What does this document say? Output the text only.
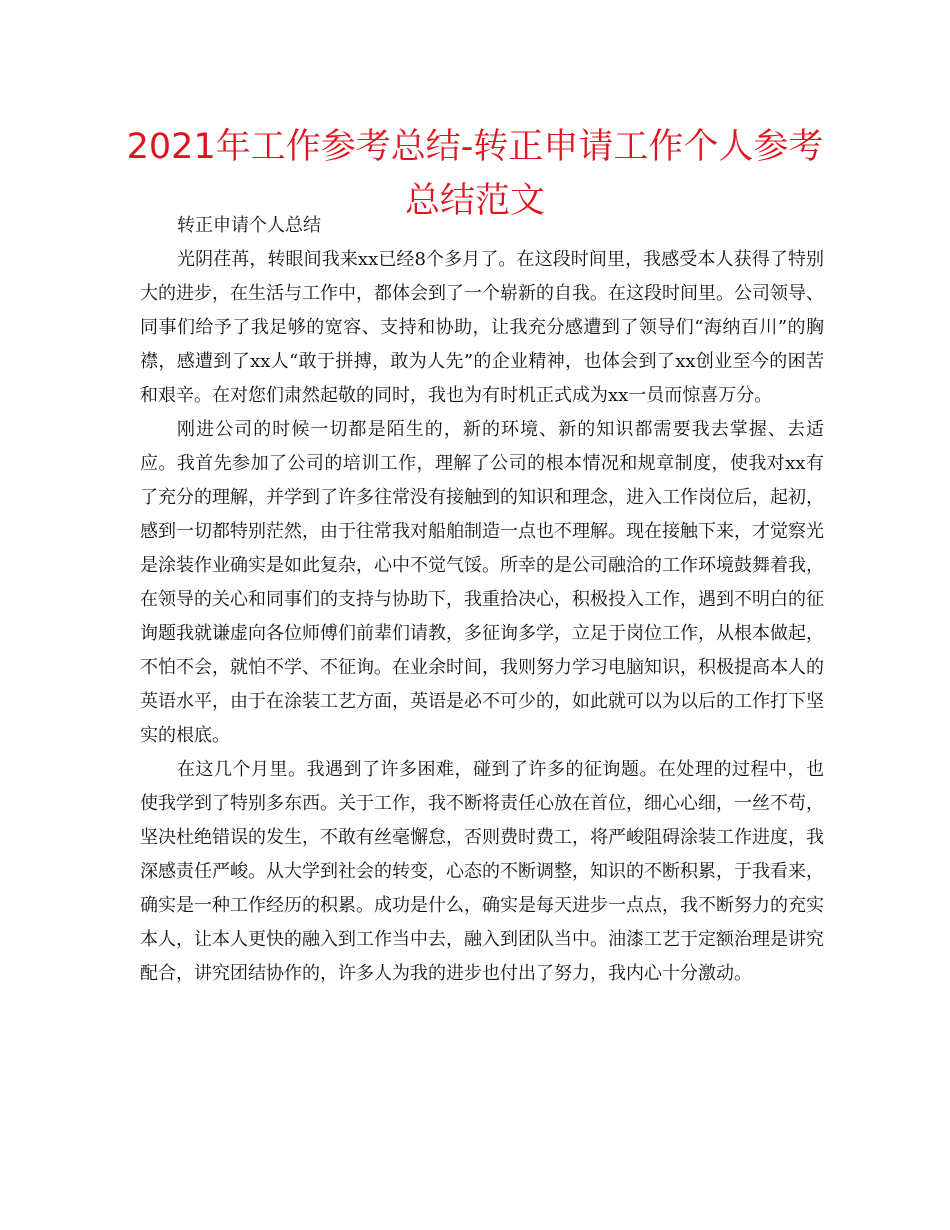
2021年工作参考总结-转正申请工作个人参考总结范文

转正申请个人总结

光阴荏苒，转眼间我来xx已经8个多月了。在这段时间里，我感受本人获得了特别大的进步，在生活与工作中，都体会到了一个崭新的自我。在这段时间里。公司领导、同事们给予了我足够的宽容、支持和协助，让我充分感遭到了领导们“海纳百川”的胸襟，感遭到了xx人“敢于拼搏，敢为人先”的企业精神，也体会到了xx创业至今的困苦和艰辛。在对您们肃然起敬的同时，我也为有时机正式成为xx一员而惊喜万分。

刚进公司的时候一切都是陌生的，新的环境、新的知识都需要我去掌握、去适应。我首先参加了公司的培训工作，理解了公司的根本情况和规章制度，使我对xx有了充分的理解，并学到了许多往常没有接触到的知识和理念，进入工作岗位后，起初，感到一切都特别茫然，由于往常我对船舶制造一点也不理解。现在接触下来，才觉察光是涂装作业确实是如此复杂，心中不觉气馁。所幸的是公司融洽的工作环境鼓舞着我，在领导的关心和同事们的支持与协助下，我重拾决心，积极投入工作，遇到不明白的征询题我就谦虚向各位师傅们前辈们请教，多征询多学，立足于岗位工作，从根本做起，不怕不会，就怕不学、不征询。在业余时间，我则努力学习电脑知识，积极提高本人的英语水平，由于在涂装工艺方面，英语是必不可少的，如此就可以为以后的工作打下坚实的根底。

在这几个月里。我遇到了许多困难，碰到了许多的征询题。在处理的过程中，也使我学到了特别多东西。关于工作，我不断将责任心放在首位，细心心细，一丝不苟，坚决杜绝错误的发生，不敢有丝毫懈怠，否则费时费工，将严峻阻碍涂装工作进度，我深感责任严峻。从大学到社会的转变，心态的不断调整，知识的不断积累，于我看来，确实是一种工作经历的积累。成功是什么，确实是每天进步一点点，我不断努力的充实本人，让本人更快的融入到工作当中去，融入到团队当中。油漆工艺于定额治理是讲究配合，讲究团结协作的，许多人为我的进步也付出了努力，我内心十分激动。
